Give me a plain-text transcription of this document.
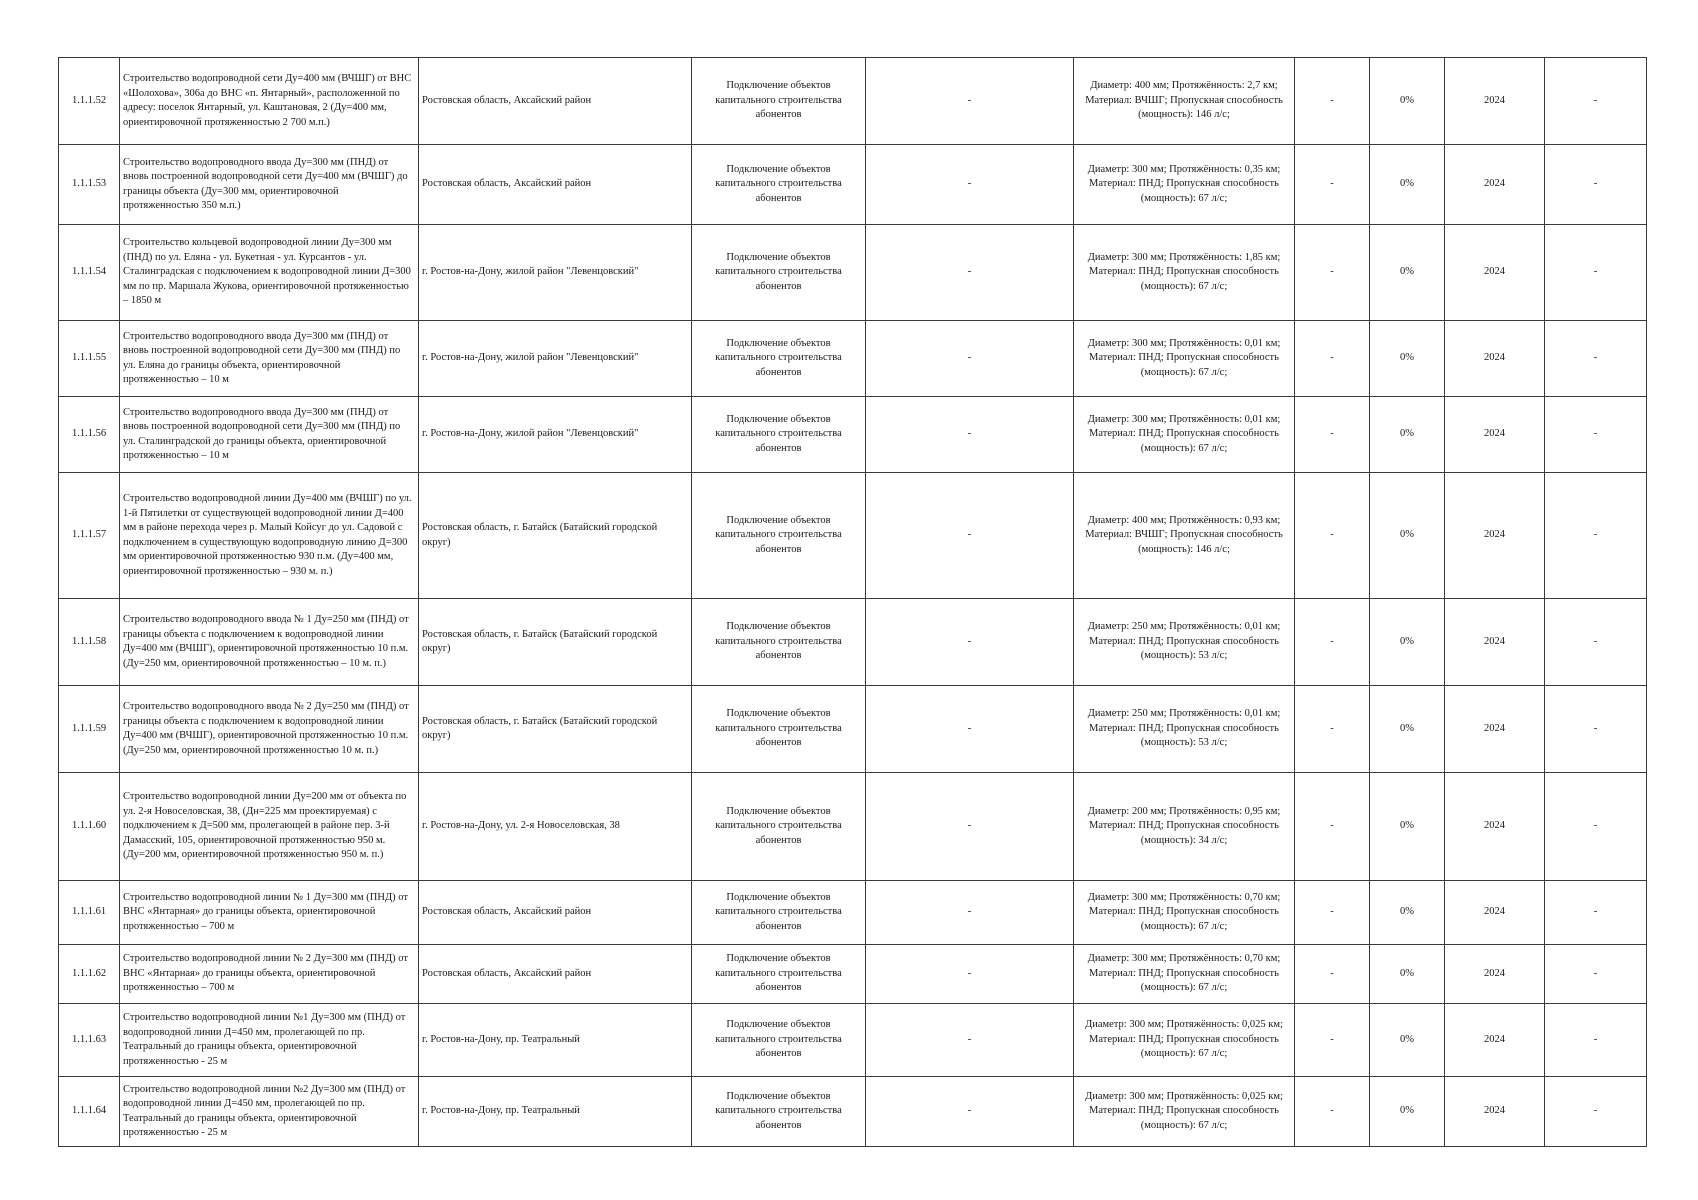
1.1.1.52	Строительство водопроводной сети Ду=400 мм (ВЧШГ) от ВНС «Шолохова», 306а до ВНС «п. Янтарный», расположенной по адресу: поселок Янтарный, ул. Каштановая, 2 (Ду=400 мм, ориентировочной протяженностью 2 700 м.п.)	Ростовская область, Аксайский район	Подключение объектов капитального строительства абонентов	-	Диаметр: 400 мм; Протяжённость: 2,7 км; Материал: ВЧШГ; Пропускная способность (мощность): 146 л/с;	-	0%	2024	-
1.1.1.53	Строительство водопроводного ввода Ду=300 мм (ПНД) от вновь построенной водопроводной сети Ду=400 мм (ВЧШГ) до границы объекта (Ду=300 мм, ориентировочной протяженностью 350 м.п.)	Ростовская область, Аксайский район	Подключение объектов капитального строительства абонентов	-	Диаметр: 300 мм; Протяжённость: 0,35 км; Материал: ПНД; Пропускная способность (мощность): 67 л/с;	-	0%	2024	-
1.1.1.54	Строительство кольцевой водопроводной линии Ду=300 мм (ПНД) по ул. Еляна - ул. Букетная - ул. Курсантов - ул. Сталинградская с подключением к водопроводной линии Д=300 мм по пр. Маршала Жукова, ориентировочной протяженностью – 1850 м	г. Ростов-на-Дону, жилой район "Левенцовский"	Подключение объектов капитального строительства абонентов	-	Диаметр: 300 мм; Протяжённость: 1,85 км; Материал: ПНД; Пропускная способность (мощность): 67 л/с;	-	0%	2024	-
1.1.1.55	Строительство водопроводного ввода Ду=300 мм (ПНД) от вновь построенной водопроводной сети Ду=300 мм (ПНД) по ул. Еляна до границы объекта, ориентировочной протяженностью – 10 м	г. Ростов-на-Дону, жилой район "Левенцовский"	Подключение объектов капитального строительства абонентов	-	Диаметр: 300 мм; Протяжённость: 0,01 км; Материал: ПНД; Пропускная способность (мощность): 67 л/с;	-	0%	2024	-
1.1.1.56	Строительство водопроводного ввода Ду=300 мм (ПНД) от вновь построенной водопроводной сети Ду=300 мм (ПНД) по ул. Сталинградской до границы объекта, ориентировочной протяженностью – 10 м	г. Ростов-на-Дону, жилой район "Левенцовский"	Подключение объектов капитального строительства абонентов	-	Диаметр: 300 мм; Протяжённость: 0,01 км; Материал: ПНД; Пропускная способность (мощность): 67 л/с;	-	0%	2024	-
1.1.1.57	Строительство водопроводной линии Ду=400 мм (ВЧШГ) по ул. 1-й Пятилетки от существующей водопроводной линии Д=400 мм в районе перехода через р. Малый Койсуг до ул. Садовой с подключением в существующую водопроводную линию Д=300 мм ориентировочной протяженностью 930 п.м. (Ду=400 мм, ориентировочной протяженностью – 930 м. п.)	Ростовская область, г. Батайск (Батайский городской округ)	Подключение объектов капитального строительства абонентов	-	Диаметр: 400 мм; Протяжённость: 0,93 км; Материал: ВЧШГ; Пропускная способность (мощность): 146 л/с;	-	0%	2024	-
1.1.1.58	Строительство водопроводного ввода № 1 Ду=250 мм (ПНД) от границы объекта с подключением к водопроводной линии Ду=400 мм (ВЧШГ), ориентировочной протяженностью 10 п.м. (Ду=250 мм, ориентировочной протяженностью – 10 м. п.)	Ростовская область, г. Батайск (Батайский городской округ)	Подключение объектов капитального строительства абонентов	-	Диаметр: 250 мм; Протяжённость: 0,01 км; Материал: ПНД; Пропускная способность (мощность): 53 л/с;	-	0%	2024	-
1.1.1.59	Строительство водопроводного ввода № 2 Ду=250 мм (ПНД) от границы объекта с подключением к водопроводной линии Ду=400 мм (ВЧШГ), ориентировочной протяженностью 10 п.м. (Ду=250 мм, ориентировочной протяженностью 10 м. п.)	Ростовская область, г. Батайск (Батайский городской округ)	Подключение объектов капитального строительства абонентов	-	Диаметр: 250 мм; Протяжённость: 0,01 км; Материал: ПНД; Пропускная способность (мощность): 53 л/с;	-	0%	2024	-
1.1.1.60	Строительство водопроводной линии Ду=200 мм от объекта по ул. 2-я Новоселовская, 38, (Дн=225 мм проектируемая) с подключением к Д=500 мм, пролегающей в районе пер. 3-й Дамасский, 105, ориентировочной протяженностью 950 м. (Ду=200 мм, ориентировочной протяженностью 950 м. п.)	г. Ростов-на-Дону, ул. 2-я Новоселовская, 38	Подключение объектов капитального строительства абонентов	-	Диаметр: 200 мм; Протяжённость: 0,95 км; Материал: ПНД; Пропускная способность (мощность): 34 л/с;	-	0%	2024	-
1.1.1.61	Строительство водопроводной линии № 1 Ду=300 мм (ПНД) от ВНС «Янтарная» до границы объекта, ориентировочной протяженностью – 700 м	Ростовская область, Аксайский район	Подключение объектов капитального строительства абонентов	-	Диаметр: 300 мм; Протяжённость: 0,70 км; Материал: ПНД; Пропускная способность (мощность): 67 л/с;	-	0%	2024	-
1.1.1.62	Строительство водопроводной линии № 2 Ду=300 мм (ПНД) от ВНС «Янтарная» до границы объекта, ориентировочной протяженностью – 700 м	Ростовская область, Аксайский район	Подключение объектов капитального строительства абонентов	-	Диаметр: 300 мм; Протяжённость: 0,70 км; Материал: ПНД; Пропускная способность (мощность): 67 л/с;	-	0%	2024	-
1.1.1.63	Строительство водопроводной линии №1 Ду=300 мм (ПНД) от водопроводной линии Д=450 мм, пролегающей по пр. Театральный до границы объекта, ориентировочной протяженностью - 25 м	г. Ростов-на-Дону, пр. Театральный	Подключение объектов капитального строительства абонентов	-	Диаметр: 300 мм; Протяжённость: 0,025 км; Материал: ПНД; Пропускная способность (мощность): 67 л/с;	-	0%	2024	-
1.1.1.64	Строительство водопроводной линии №2 Ду=300 мм (ПНД) от водопроводной линии Д=450 мм, пролегающей по пр. Театральный до границы объекта, ориентировочной протяженностью - 25 м	г. Ростов-на-Дону, пр. Театральный	Подключение объектов капитального строительства абонентов	-	Диаметр: 300 мм; Протяжённость: 0,025 км; Материал: ПНД; Пропускная способность (мощность): 67 л/с;	-	0%	2024	-
